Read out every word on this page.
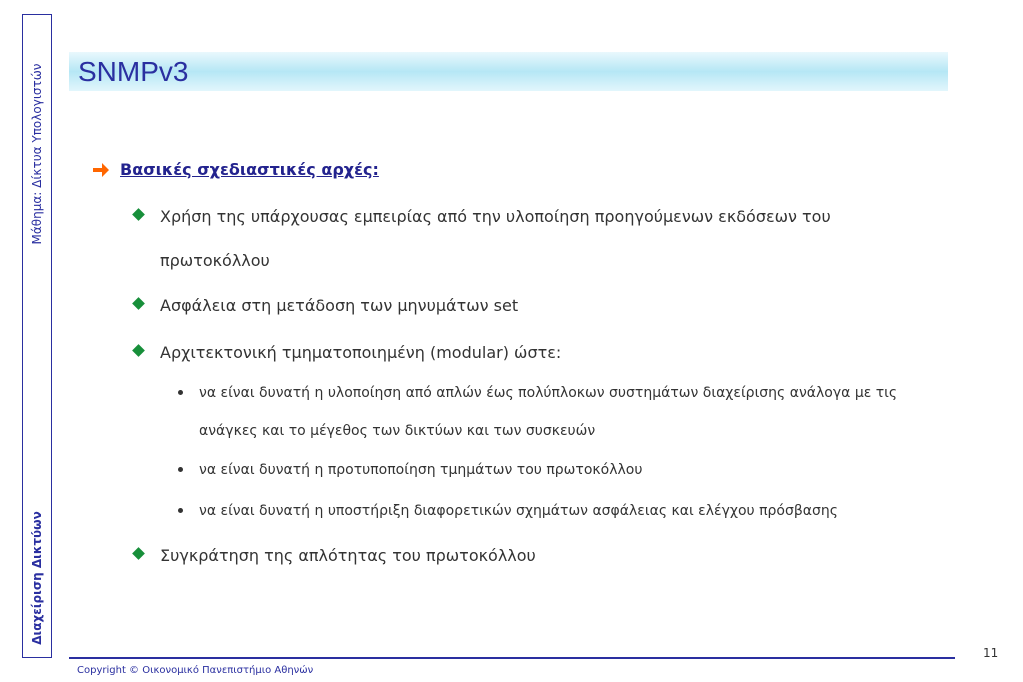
Μάθημα: Δίκτυα Υπολογιστών
Διαχείριση Δικτύων
SNMPv3
Βασικές σχεδιαστικές αρχές:
Χρήση της υπάρχουσας εμπειρίας από την υλοποίηση προηγούμενων εκδόσεων του πρωτοκόλλου
Ασφάλεια στη μετάδοση των μηνυμάτων set
Αρχιτεκτονική τμηματοποιημένη (modular) ώστε:
να είναι δυνατή η υλοποίηση από απλών έως πολύπλοκων συστημάτων διαχείρισης ανάλογα με τις ανάγκες και το μέγεθος των δικτύων και των συσκευών
να είναι δυνατή η προτυποποίηση τμημάτων του πρωτοκόλλου
να είναι δυνατή η υποστήριξη διαφορετικών σχημάτων ασφάλειας και ελέγχου πρόσβασης
Συγκράτηση της απλότητας του πρωτοκόλλου
11
Copyright © Οικονομικό Πανεπιστήμιο Αθηνών
